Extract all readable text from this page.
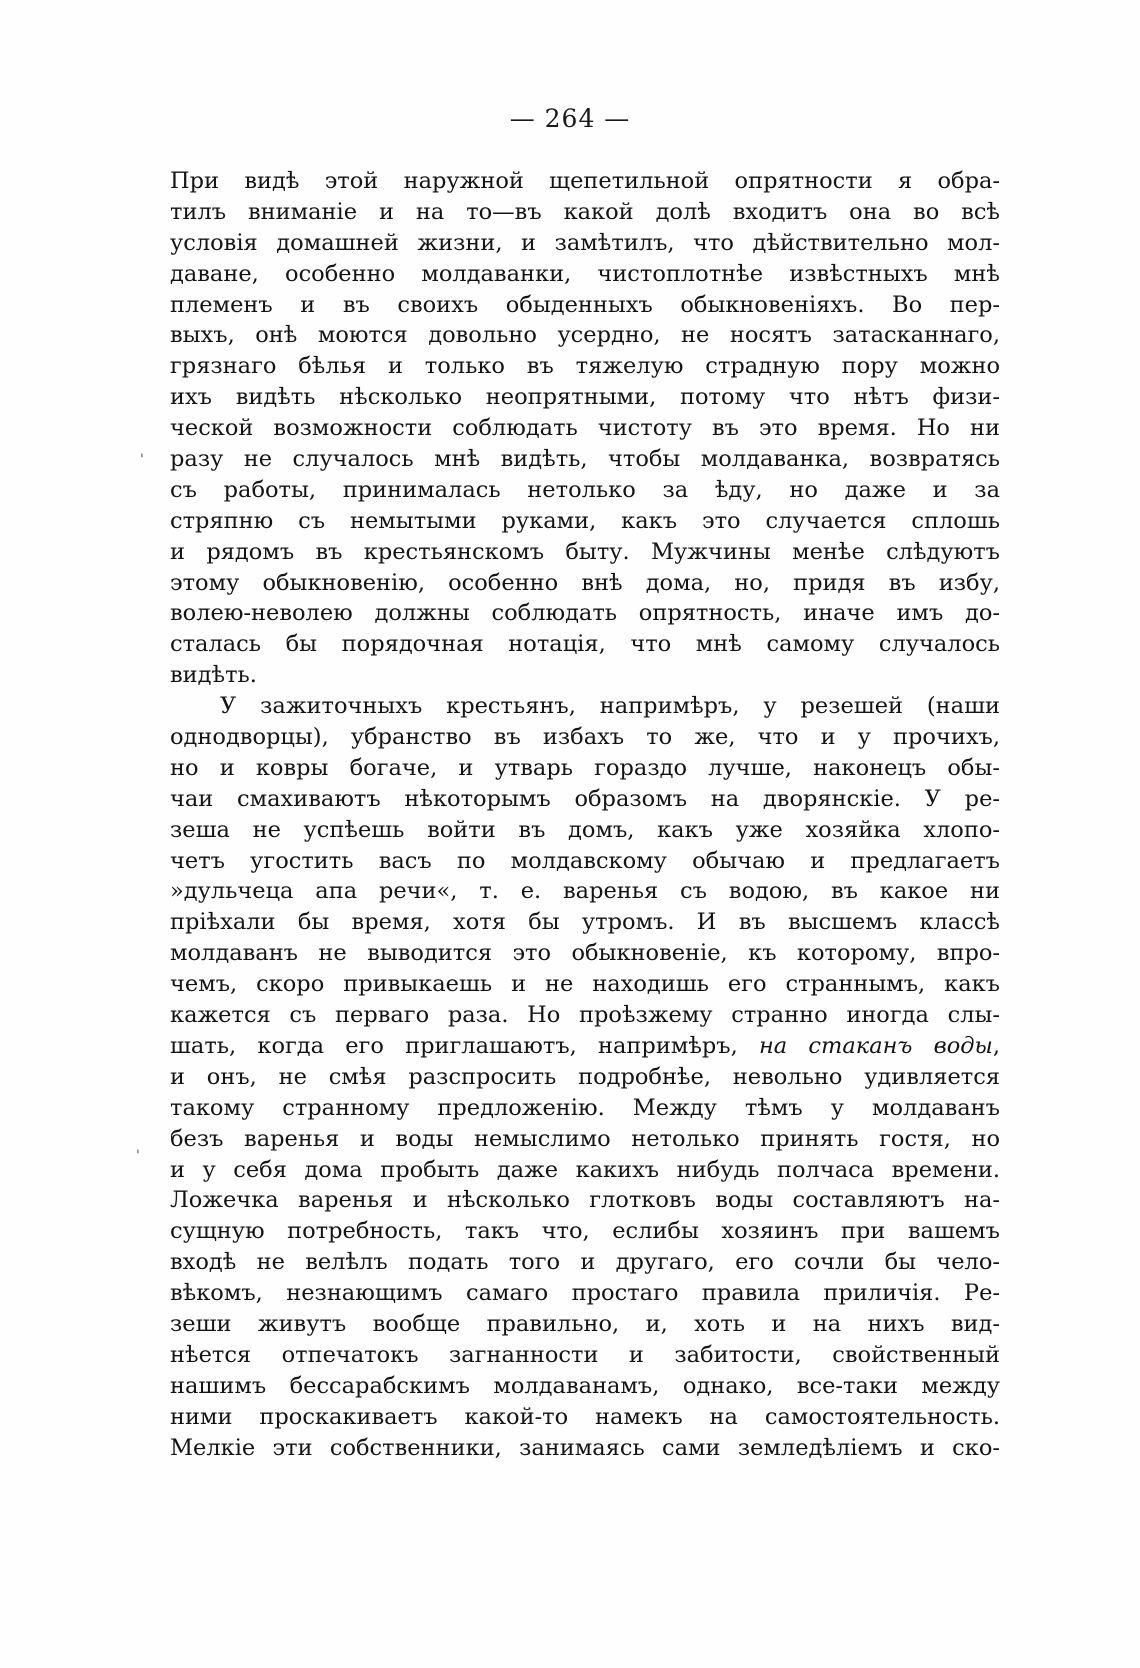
— 264 —
При видѣ этой наружной щепетильной опрятности я обра-
тилъ вниманіе и на то—въ какой долѣ входитъ она во всѣ
условія домашней жизни, и замѣтилъ, что дѣйствительно мол-
даване, особенно молдаванки, чистоплотнѣе извѣстныхъ мнѣ
племенъ и въ своихъ обыденныхъ обыкновеніяхъ. Во пер-
выхъ, онѣ моются довольно усердно, не носятъ затасканнаго,
грязнаго бѣлья и только въ тяжелую страдную пору можно
ихъ видѣть нѣсколько неопрятными, потому что нѣтъ физи-
ческой возможности соблюдать чистоту въ это время. Но ни
разу не случалось мнѣ видѣть, чтобы молдаванка, возвратясь
съ работы, принималась нетолько за ѣду, но даже и за
стряпню съ немытыми руками, какъ это случается сплошь
и рядомъ въ крестьянскомъ быту. Мужчины менѣе слѣдуютъ
этому обыкновенію, особенно внѣ дома, но, придя въ избу,
волею-неволею должны соблюдать опрятность, иначе имъ до-
сталась бы порядочная нотація, что мнѣ самому случалось
видѣть.
У зажиточныхъ крестьянъ, напримѣръ, у резешей (наши
однодворцы), убранство въ избахъ то же, что и у прочихъ,
но и ковры богаче, и утварь гораздо лучше, наконецъ обы-
чаи смахиваютъ нѣкоторымъ образомъ на дворянскіе. У ре-
зеша не успѣешь войти въ домъ, какъ уже хозяйка хлопо-
четъ угостить васъ по молдавскому обычаю и предлагаетъ
»дульчеца апа речи«, т. е. варенья съ водою, въ какое ни
пріѣхали бы время, хотя бы утромъ. И въ высшемъ классѣ
молдаванъ не выводится это обыкновеніе, къ которому, впро-
чемъ, скоро привыкаешь и не находишь его страннымъ, какъ
кажется съ перваго раза. Но проѣзжему странно иногда слы-
шать, когда его приглашаютъ, напримѣръ, на стаканъ воды,
и онъ, не смѣя разспросить подробнѣе, невольно удивляется
такому странному предложенію. Между тѣмъ у молдаванъ
безъ варенья и воды немыслимо нетолько принять гостя, но
и у себя дома пробыть даже какихъ нибудь полчаса времени.
Ложечка варенья и нѣсколько глотковъ воды составляютъ на-
сущную потребность, такъ что, еслибы хозяинъ при вашемъ
входѣ не велѣлъ подать того и другаго, его сочли бы чело-
вѣкомъ, незнающимъ самаго простаго правила приличія. Ре-
зеши живутъ вообще правильно, и, хоть и на нихъ вид-
нѣется отпечатокъ загнанности и забитости, свойственный
нашимъ бессарабскимъ молдаванамъ, однако, все-таки между
ними проскакиваетъ какой-то намекъ на самостоятельность.
Мелкіе эти собственники, занимаясь сами земледѣліемъ и ско-
'
'
